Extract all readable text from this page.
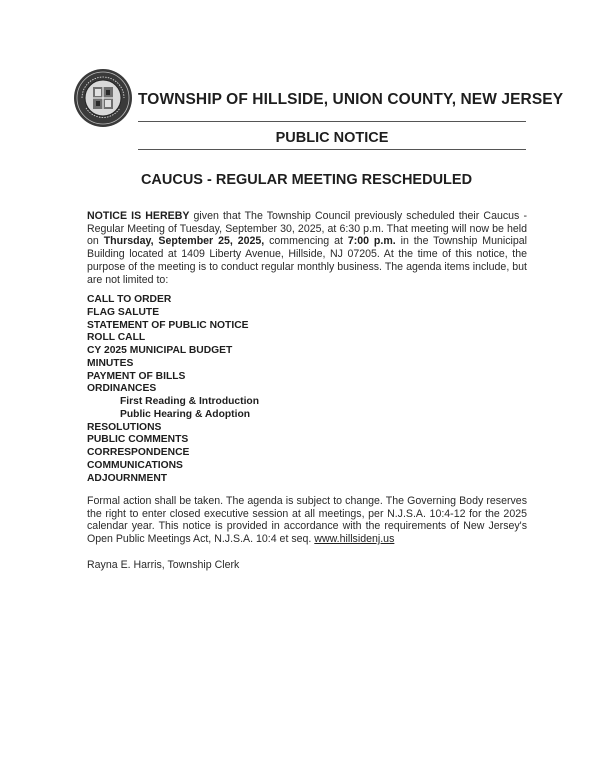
TOWNSHIP OF HILLSIDE, UNION COUNTY, NEW JERSEY
PUBLIC NOTICE
CAUCUS - REGULAR MEETING RESCHEDULED

NOTICE IS HEREBY given that The Township Council previously scheduled their Caucus - Regular Meeting of Tuesday, September 30, 2025, at 6:30 p.m. That meeting will now be held on Thursday, September 25, 2025, commencing at 7:00 p.m. in the Township Municipal Building located at 1409 Liberty Avenue, Hillside, NJ 07205. At the time of this notice, the purpose of the meeting is to conduct regular monthly business. The agenda items include, but are not limited to:

CALL TO ORDER
FLAG SALUTE
STATEMENT OF PUBLIC NOTICE
ROLL CALL
CY 2025 MUNICIPAL BUDGET
MINUTES
PAYMENT OF BILLS
ORDINANCES
First Reading & Introduction
Public Hearing & Adoption
RESOLUTIONS
PUBLIC COMMENTS
CORRESPONDENCE
COMMUNICATIONS
ADJOURNMENT

Formal action shall be taken. The agenda is subject to change. The Governing Body reserves the right to enter closed executive session at all meetings, per N.J.S.A. 10:4-12 for the 2025 calendar year. This notice is provided in accordance with the requirements of New Jersey's Open Public Meetings Act, N.J.S.A. 10:4 et seq. www.hillsidenj.us

Rayna E. Harris, Township Clerk
